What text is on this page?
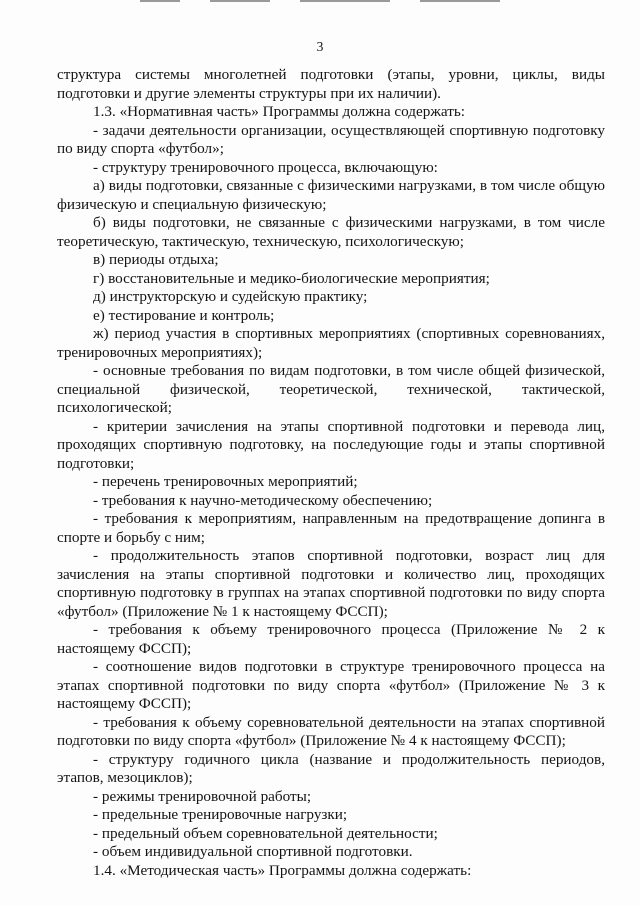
3

структура системы многолетней подготовки (этапы, уровни, циклы, виды подготовки и другие элементы структуры при их наличии).

1.3. «Нормативная часть» Программы должна содержать:

- задачи деятельности организации, осуществляющей спортивную подготовку по виду спорта «футбол»;

- структуру тренировочного процесса, включающую:

а) виды подготовки, связанные с физическими нагрузками, в том числе общую физическую и специальную физическую;

б) виды подготовки, не связанные с физическими нагрузками, в том числе теоретическую, тактическую, техническую, психологическую;

в) периоды отдыха;

г) восстановительные и медико-биологические мероприятия;

д) инструкторскую и судейскую практику;

е) тестирование и контроль;

ж) период участия в спортивных мероприятиях (спортивных соревнованиях, тренировочных мероприятиях);

- основные требования по видам подготовки, в том числе общей физической, специальной физической, теоретической, технической, тактической, психологической;

- критерии зачисления на этапы спортивной подготовки и перевода лиц, проходящих спортивную подготовку, на последующие годы и этапы спортивной подготовки;

- перечень тренировочных мероприятий;

- требования к научно-методическому обеспечению;

- требования к мероприятиям, направленным на предотвращение допинга в спорте и борьбу с ним;

- продолжительность этапов спортивной подготовки, возраст лиц для зачисления на этапы спортивной подготовки и количество лиц, проходящих спортивную подготовку в группах на этапах спортивной подготовки по виду спорта «футбол» (Приложение № 1 к настоящему ФССП);

- требования к объему тренировочного процесса (Приложение № 2 к настоящему ФССП);

- соотношение видов подготовки в структуре тренировочного процесса на этапах спортивной подготовки по виду спорта «футбол» (Приложение № 3 к настоящему ФССП);

- требования к объему соревновательной деятельности на этапах спортивной подготовки по виду спорта «футбол» (Приложение № 4 к настоящему ФССП);

- структуру годичного цикла (название и продолжительность периодов, этапов, мезоциклов);

- режимы тренировочной работы;

- предельные тренировочные нагрузки;

- предельный объем соревновательной деятельности;

- объем индивидуальной спортивной подготовки.

1.4. «Методическая часть» Программы должна содержать:
